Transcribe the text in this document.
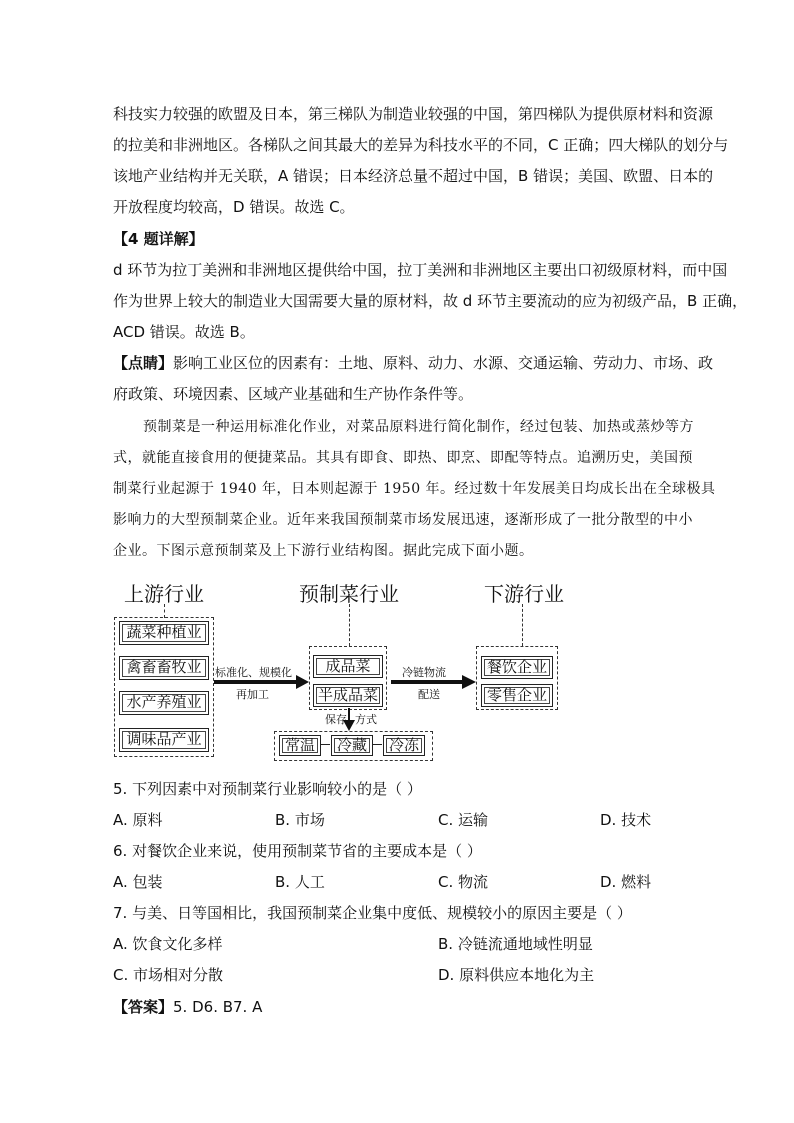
科技实力较强的欧盟及日本，第三梯队为制造业较强的中国，第四梯队为提供原材料和资源
的拉美和非洲地区。各梯队之间其最大的差异为科技水平的不同，C 正确；四大梯队的划分与
该地产业结构并无关联，A 错误；日本经济总量不超过中国，B 错误；美国、欧盟、日本的
开放程度均较高，D 错误。故选 C。
【4 题详解】
d 环节为拉丁美洲和非洲地区提供给中国，拉丁美洲和非洲地区主要出口初级原材料，而中国
作为世界上较大的制造业大国需要大量的原材料，故 d 环节主要流动的应为初级产品，B 正确，
ACD 错误。故选 B。
【点睛】影响工业区位的因素有：土地、原料、动力、水源、交通运输、劳动力、市场、政
府政策、环境因素、区域产业基础和生产协作条件等。
预制菜是一种运用标准化作业，对菜品原料进行简化制作，经过包装、加热或蒸炒等方
式，就能直接食用的便捷菜品。其具有即食、即热、即烹、即配等特点。追溯历史，美国预
制菜行业起源于 1940 年，日本则起源于 1950 年。经过数十年发展美日均成长出在全球极具
影响力的大型预制菜企业。近年来我国预制菜市场发展迅速，逐渐形成了一批分散型的中小
企业。下图示意预制菜及上下游行业结构图。据此完成下面小题。
上游行业	预制菜行业	下游行业
蔬菜种植业
禽畜畜牧业
水产养殖业
调味品产业
成品菜
半成品菜
餐饮企业
零售企业
标准化、规模化
再加工
冷链物流
配送
保存 方式
常温	冷藏	冷冻
5. 下列因素中对预制菜行业影响较小的是（ ）
A. 原料	B. 市场	C. 运输	D. 技术
6. 对餐饮企业来说，使用预制菜节省的主要成本是（ ）
A. 包装	B. 人工	C. 物流	D. 燃料
7. 与美、日等国相比，我国预制菜企业集中度低、规模较小的原因主要是（ ）
A. 饮食文化多样	B. 冷链流通地域性明显
C. 市场相对分散	D. 原料供应本地化为主
【答案】5. D6. B7. A
